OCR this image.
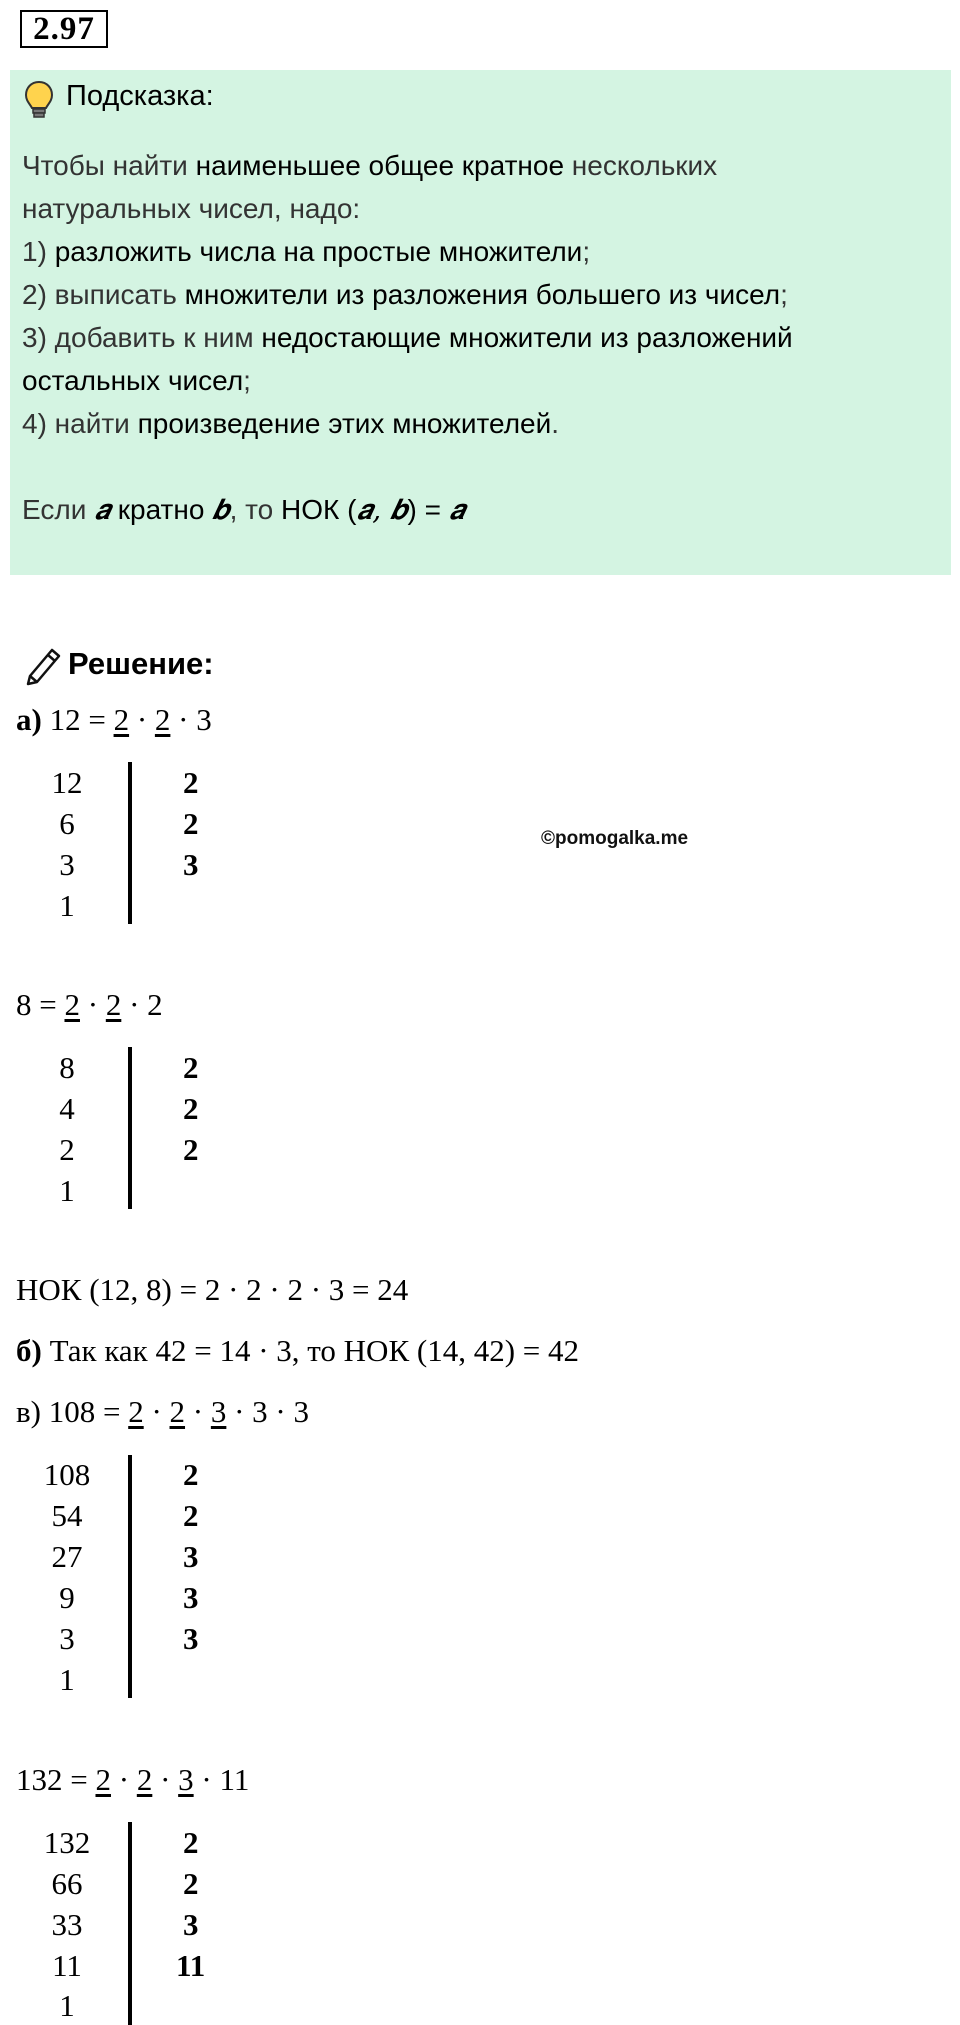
2.97
Подсказка:
Чтобы найти наименьшее общее кратное нескольких
натуральных чисел, надо:
1) разложить числа на простые множители;
2) выписать множители из разложения большего из чисел;
3) добавить к ним недостающие множители из разложений
остальных чисел;
4) найти произведение этих множителей.
Если 𝒂 кратно 𝒃, то НОК (𝒂, 𝒃) = 𝒂
Решение:
а) 12 = 2 · 2 · 3
12
6
3
1
2
2
3
©pomogalka.me
8 = 2 · 2 · 2
8
4
2
1
2
2
2
НОК (12, 8) = 2 · 2 · 2 · 3 = 24
б) Так как 42 = 14 · 3, то НОК (14, 42) = 42
в) 108 = 2 · 2 · 3 · 3 · 3
108
54
27
9
3
1
2
2
3
3
3
132 = 2 · 2 · 3 · 11
132
66
33
11
1
2
2
3
11
